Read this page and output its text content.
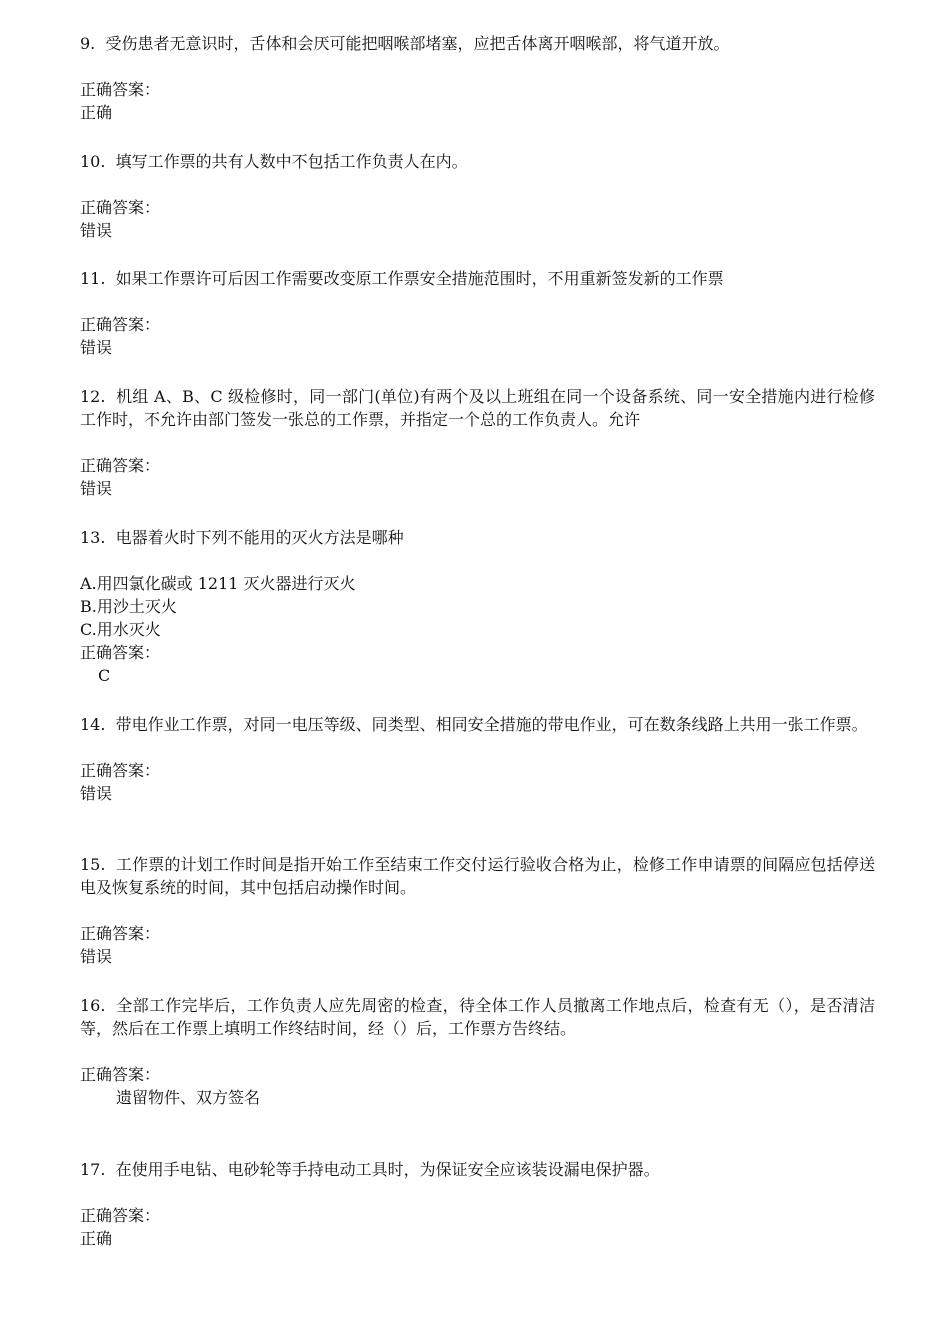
9. 受伤患者无意识时，舌体和会厌可能把咽喉部堵塞，应把舌体离开咽喉部，将气道开放。
正确答案：
正确
10. 填写工作票的共有人数中不包括工作负责人在内。
正确答案：
错误
11. 如果工作票许可后因工作需要改变原工作票安全措施范围时，不用重新签发新的工作票
正确答案：
错误
12. 机组 A、B、C 级检修时，同一部门(单位)有两个及以上班组在同一个设备系统、同一安全措施内进行检修工作时，不允许由部门签发一张总的工作票，并指定一个总的工作负责人。允许
正确答案：
错误
13. 电器着火时下列不能用的灭火方法是哪种
A.用四氯化碳或 1211 灭火器进行灭火
B.用沙土灭火
C.用水灭火
正确答案：
C
14. 带电作业工作票，对同一电压等级、同类型、相同安全措施的带电作业，可在数条线路上共用一张工作票。
正确答案：
错误
15. 工作票的计划工作时间是指开始工作至结束工作交付运行验收合格为止，检修工作申请票的间隔应包括停送电及恢复系统的时间，其中包括启动操作时间。
正确答案：
错误
16. 全部工作完毕后，工作负责人应先周密的检查，待全体工作人员撤离工作地点后，检查有无（），是否清洁等，然后在工作票上填明工作终结时间，经（）后，工作票方告终结。
正确答案：
遗留物件、双方签名
17. 在使用手电钻、电砂轮等手持电动工具时，为保证安全应该装设漏电保护器。
正确答案：
正确
